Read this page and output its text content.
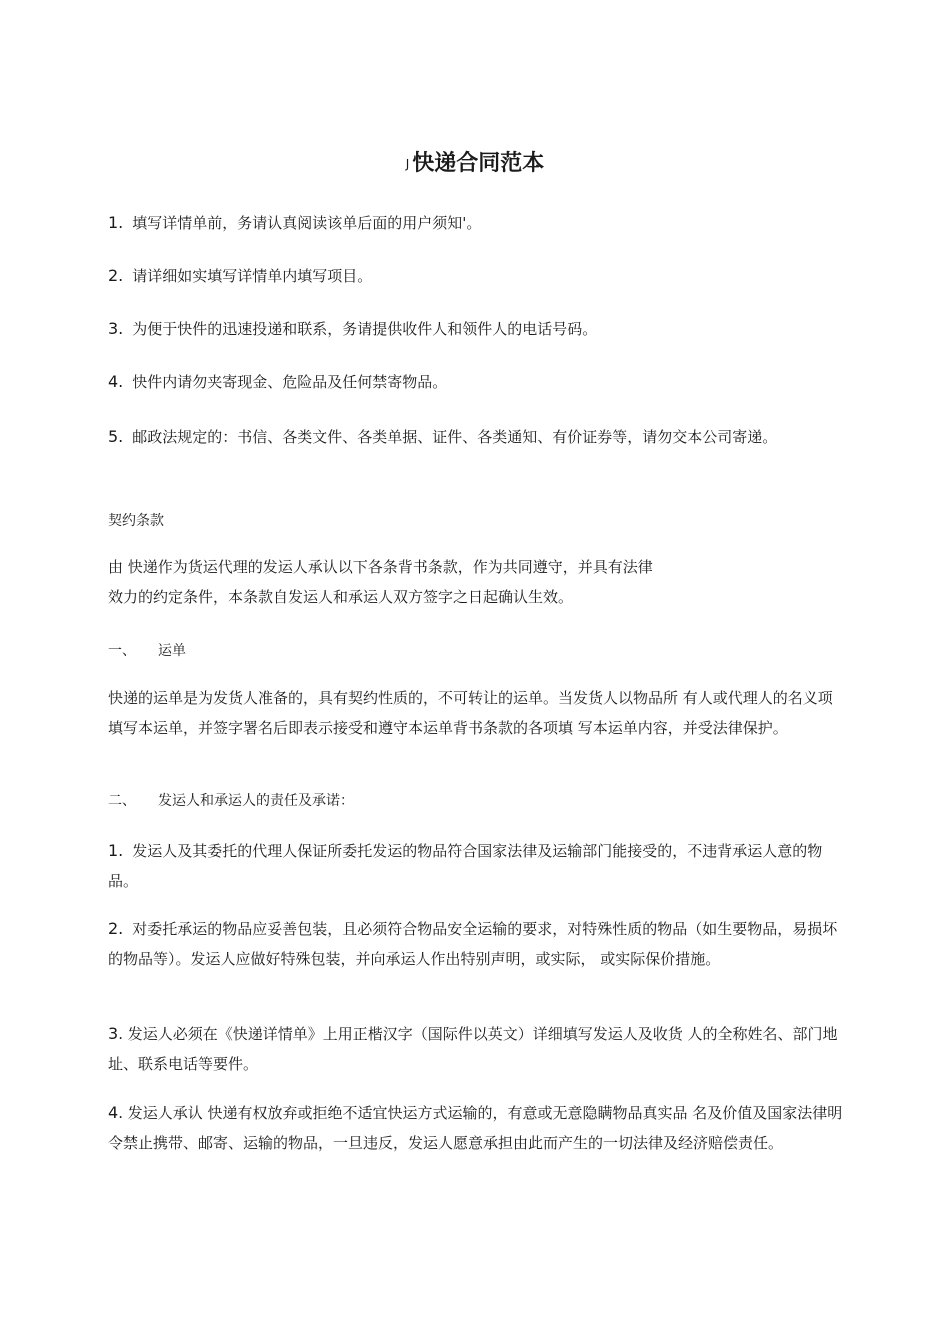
J 快递合同范本
1. 填写详情单前，务请认真阅读该单后面的用户须知'。
2. 请详细如实填写详情单内填写项目。
3. 为便于快件的迅速投递和联系，务请提供收件人和领件人的电话号码。
4. 快件内请勿夹寄现金、危险品及任何禁寄物品。
5. 邮政法规定的：书信、各类文件、各类单据、证件、各类通知、有价证券等，请勿交本公司寄递。
契约条款
由 快递作为货运代理的发运人承认以下各条背书条款，作为共同遵守，并具有法律
效力的约定条件，本条款自发运人和承运人双方签字之日起确认生效。
一、 运单
快递的运单是为发货人准备的，具有契约性质的，不可转让的运单。当发货人以物品所 有人或代理人的名义项填写本运单，并签字署名后即表示接受和遵守本运单背书条款的各项填 写本运单内容，并受法律保护。
二、 发运人和承运人的责任及承诺：
1. 发运人及其委托的代理人保证所委托发运的物品符合国家法律及运输部门能接受的，不违背承运人意的物品。
2. 对委托承运的物品应妥善包装，且必须符合物品安全运输的要求，对特殊性质的物品（如生要物品，易损坏的物品等）。发运人应做好特殊包装，并向承运人作出特别声明，或实际， 或实际保价措施。
3. 发运人必须在《快递详情单》上用正楷汉字（国际件以英文）详细填写发运人及收货 人的全称姓名、部门地址、联系电话等要件。
4. 发运人承认 快递有权放弃或拒绝不适宜快运方式运输的，有意或无意隐瞒物品真实品 名及价值及国家法律明令禁止携带、邮寄、运输的物品，一旦违反，发运人愿意承担由此而产生的一切法律及经济赔偿责任。
